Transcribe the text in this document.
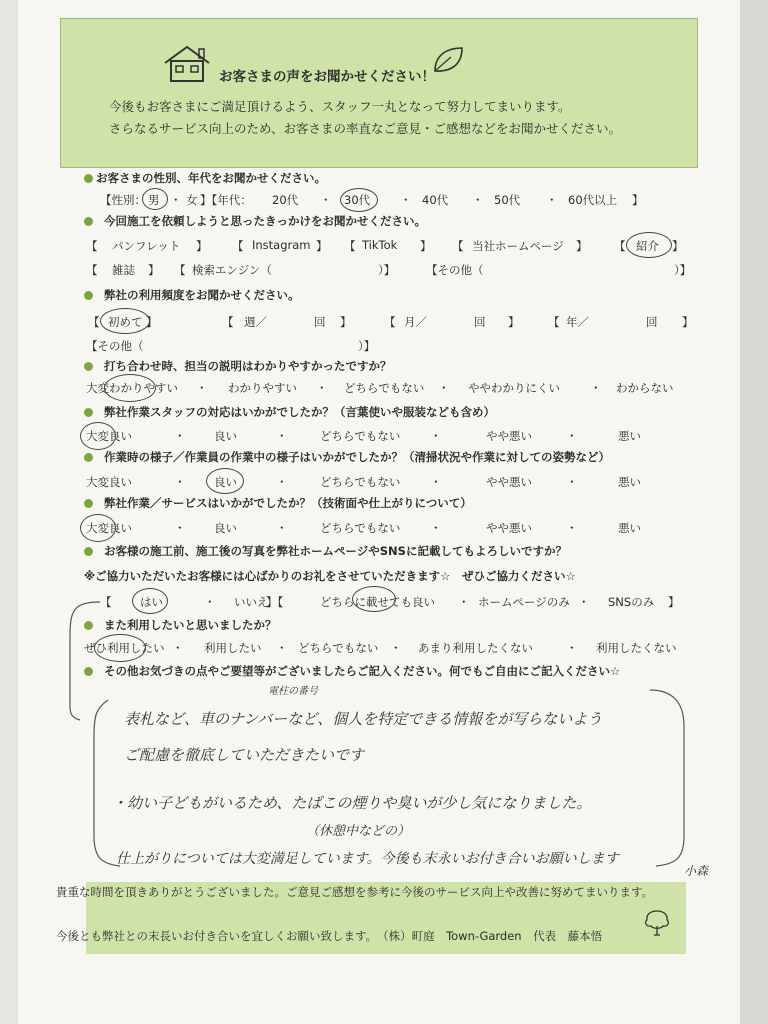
お客さまの声をお聞かせください！
今後もお客さまにご満足頂けるよう、スタッフ一丸となって努力してまいります。
さらなるサービス向上のため、お客さまの率直なご意見・ご感想などをお聞かせください。
お客さまの性別、年代をお聞かせください。
【性別： 男 ・ 女 】【年代： 20代 ・ 30代	・ 40代 ・ 50代 ・ 60代以上 】
今回施工を依頼しようと思ったきっかけをお聞かせください。
【 パンフレット 】 【 Instagram 】 【 TikTok 】 【 当社ホームページ 】 【 紹介 】
【 雑誌 】 【 検索エンジン（	）】	【その他（	）】
弊社の利用頻度をお聞かせください。
【 初めて 】	【 週／	回 】	【 月／	回 】 【 年／	回 】
【その他（	）】
打ち合わせ時、担当の説明はわかりやすかったですか？
大変わかりやすい ・ わかりやすい ・ どちらでもない ・ ややわかりにくい	・ わからない
弊社作業スタッフの対応はいかがでしたか？（言葉使いや服装なども含め）
大変良い	・ 良い	・	どちらでもない	・	やや悪い	・	悪い
作業時の様子／作業員の作業中の様子はいかがでしたか？（清掃状況や作業に対しての姿勢など）
大変良い	・ 良い	・	どちらでもない	・	やや悪い	・	悪い
弊社作業／サービスはいかがでしたか？（技術面や仕上がりについて）
大変良い	・ 良い	・	どちらでもない	・	やや悪い	・	悪い
お客様の施工前、施工後の写真を弊社ホームページやSNSに記載してもよろしいですか？
※ご協力いただいたお客様には心ばかりのお礼をさせていただきます☆　ぜひご協力ください☆
【 はい	・ いいえ
】【	どちらに載せても良い ・ ホームページのみ ・ SNSのみ 】
また利用したいと思いましたか？
ぜひ利用したい ・ 利用したい ・ どちらでもない ・ あまり利用したくない	・ 利用したくない
その他お気づきの点やご要望等がございましたらご記入ください。何でもご自由にご記入ください☆
電柱の番号
表札など、車のナンバーなど、個人を特定できる情報をが写らないよう
ご配慮を徹底していただきたいです
・幼い子どもがいるため、たばこの煙りや臭いが少し気になりました。
（休憩中などの）
仕上がりについては大変満足しています。今後も末永いお付き合いお願いします
小森
貴重な時間を頂きありがとうございました。ご意見ご感想を参考に今後のサービス向上や改善に努めてまいります。
今後とも弊社との末長いお付き合いを宜しくお願い致します。　（株）町庭　Town-Garden　代表　藤本悟
